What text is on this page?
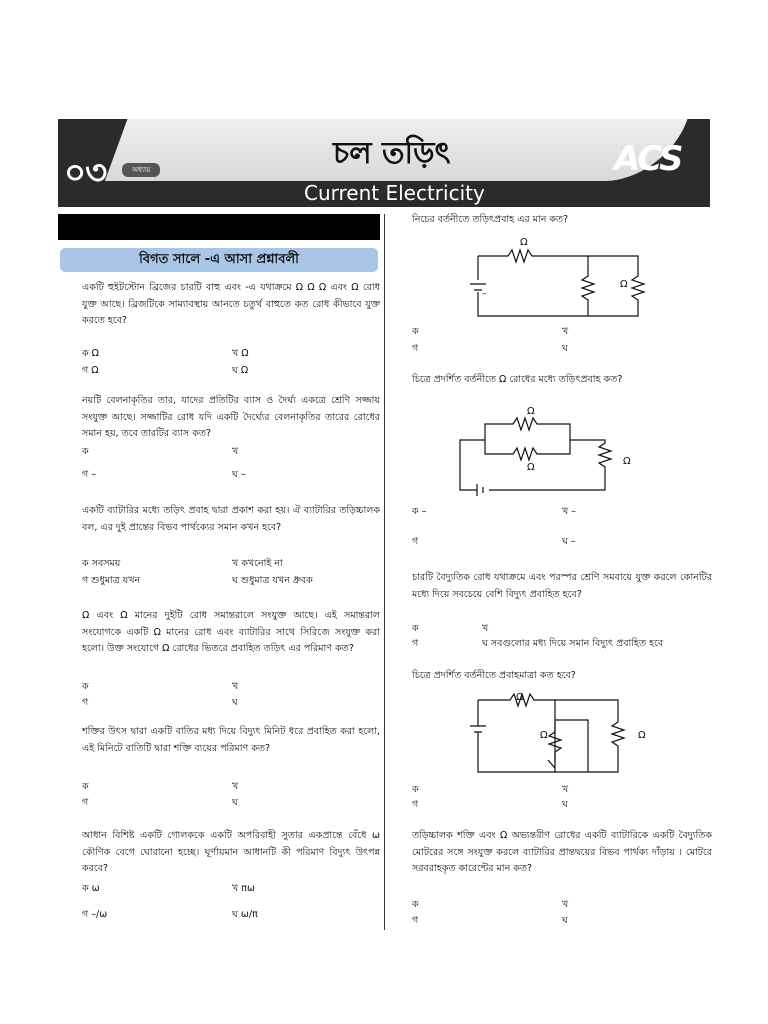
০৩	অধ্যায়	চল তড়িৎ
Current Electricity
ACS
বিগত সালে -এ আসা প্রশ্নাবলী
একটি হুইটস্টোন ব্রিজের চারটি বাহু এবং -এ যথাক্রমে Ω Ω Ω এবং Ω রোধ যুক্ত আছে। ব্রিজটিকে সাম্যাবস্থায় আনতে চতুর্থ বাহুতে কত রোধ কীভাবে যুক্ত করতে হবে?
ক Ω	খ Ω
গ Ω	ঘ Ω
নয়টি বেলনাকৃতির তার, যাদের প্রতিটির ব্যাস ও দৈর্ঘ্য একত্রে শ্রেণি সজ্জায় সংযুক্ত আছে। সজ্জাটির রোধ যদি একটি দৈর্ঘ্যের বেলনাকৃতির তারের রোধের সমান হয়, তবে তারটির ব্যাস কত?
ক	খ
গ –	ঘ –
একটি ব্যাটারির মধ্যে তড়িৎ প্রবাহ দ্বারা প্রকাশ করা হয়। ঐ ব্যাটারির তড়িচ্চালক বল, এর দুই প্রান্তের বিভব পার্থক্যের সমান কখন হবে?
ক সবসময়	খ কখনোই না
গ শুধুমাত্র যখন	ঘ শুধুমাত্র যখন ধ্রুবক
Ω এবং Ω মানের দুইটি রোধ সমান্তরালে সংযুক্ত আছে। এই সমান্তরাল সংযোগকে একটি Ω মানের রোধ এবং ব্যাটারির সাথে সিরিজে সংযুক্ত করা হলো। উক্ত সংযোগে Ω রোধের ভিতরে প্রবাহিত তড়িৎ এর পরিমাণ কত?
ক	খ
গ	ঘ
শক্তির উৎস দ্বারা একটি বাতির মধ্য দিয়ে বিদ্যুৎ মিনিট ধরে প্রবাহিত করা হলো, এই মিনিটে বাতিটি দ্বারা শক্তি ব্যয়ের পরিমাণ কত?
ক	খ
গ	ঘ
আধান বিশিষ্ট একটি গোলককে একটি অপরিবাহী সুতার একপ্রান্তে বেঁধে ω কৌণিক বেগে ঘোরানো হচ্ছে। ঘূর্ণায়মান আধানটি কী পরিমাণ বিদ্যুৎ উৎপন্ন করবে?
ক ω	খ πω
গ –/ω	ঘ ω/π
নিচের বর্তনীতে তড়িৎপ্রবাহ এর মান কত?
Ω
Ω
–
ক	খ
গ	ঘ
চিত্রে প্রদর্শিত বর্তনীতে Ω রোধের মধ্যে তড়িৎপ্রবাহ কত?
Ω
Ω
Ω
ক –	খ –
গ	ঘ –
চারটি বৈদ্যুতিক রোধ যথাক্রমে এবং পরস্পর শ্রেণি সমবায়ে যুক্ত করলে কোনটির মধ্যে দিয়ে সবচেয়ে বেশি বিদ্যুৎ প্রবাহিত হবে?
ক	খ
গ	ঘ সবগুলোর মধ্য দিয়ে সমান বিদ্যুৎ প্রবাহিত হবে
চিত্রে প্রদর্শিত বর্তনীতে প্রবাহমাত্রা কত হবে?
Ω
Ω	Ω
ক	খ
গ	ঘ
তড়িচ্চালক শক্তি এবং Ω অভ্যন্তরীণ রোধের একটি ব্যাটারিকে একটি বৈদ্যুতিক মোটরের সঙ্গে সংযুক্ত করলে ব্যাটারির প্রান্তদ্বয়ের বিভব পার্থক্য দাঁড়ায় । মোটরে সরবরাহকৃত কারেন্টের মান কত?
ক	খ
গ	ঘ
